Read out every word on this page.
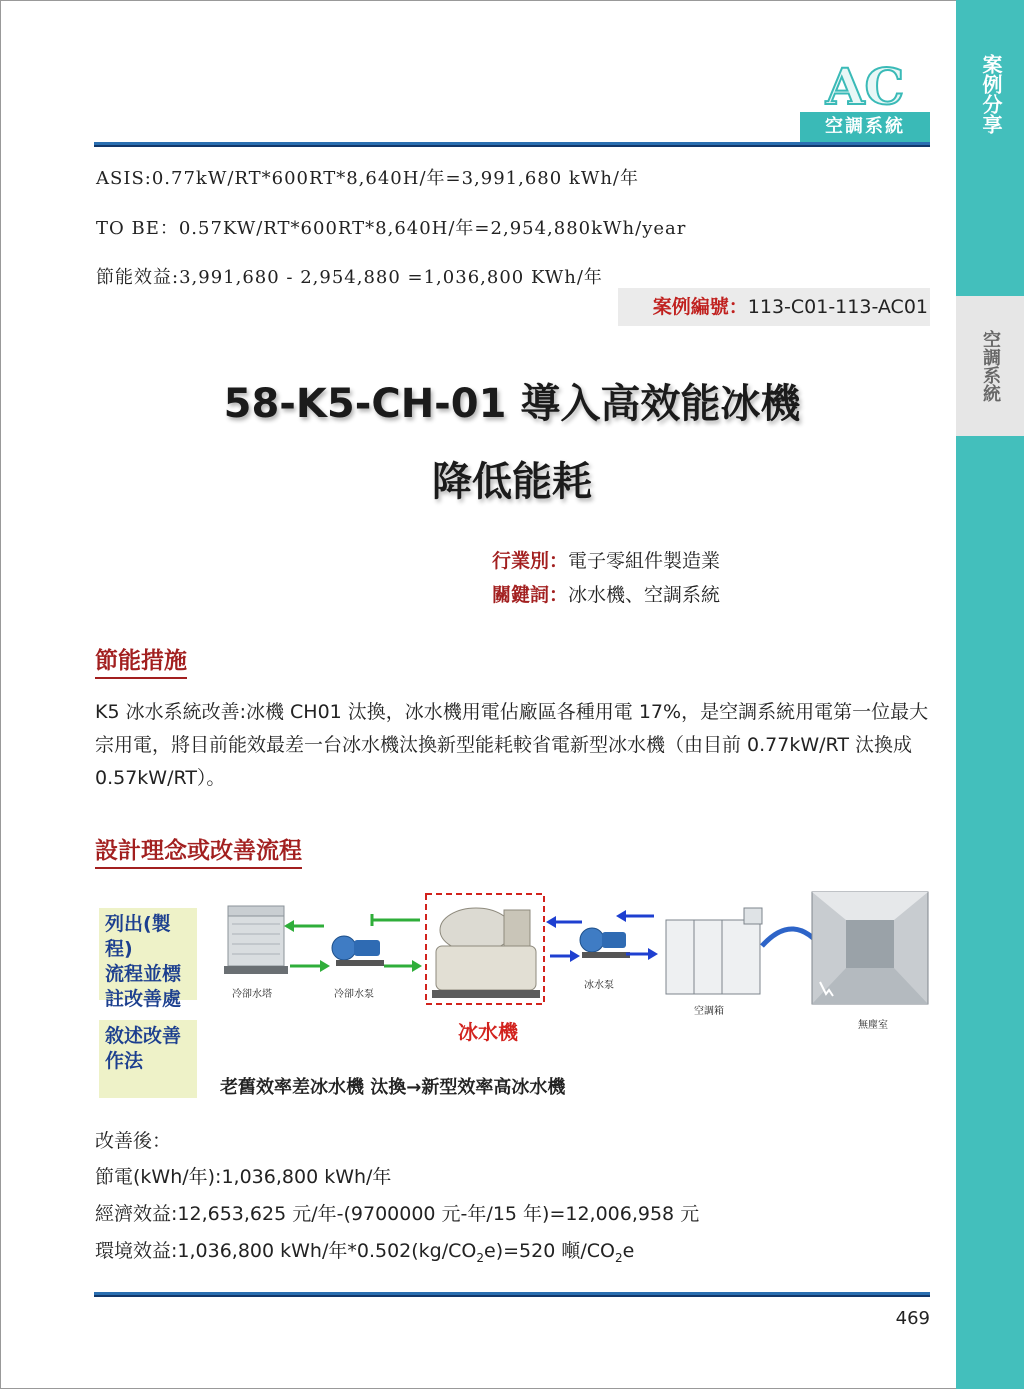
案例分享
空調系統
AC
空調系統
ASIS:0.77kW/RT*600RT*8,640H/年=3,991,680 kWh/年
TO BE：0.57KW/RT*600RT*8,640H/年=2,954,880kWh/year
節能效益:3,991,680 - 2,954,880 =1,036,800 KWh/年
案例編號：113-C01-113-AC01
58-K5-CH-01 導入高效能冰機
降低能耗
行業別：電子零組件製造業
關鍵詞：冰水機、空調系統
節能措施
K5 冰水系統改善:冰機 CH01 汰換，冰水機用電佔廠區各種用電 17%，是空調系統用電第一位最大宗用電，將目前能效最差一台冰水機汰換新型能耗較省電新型冰水機（由目前 0.77kW/RT 汰換成 0.57kW/RT）。
設計理念或改善流程
列出(製程)
流程並標
註改善處
敘述改善
作法
冷卻水塔	冷卻水泵
冰水泵
空調箱
無塵室
冰水機
老舊效率差冰水機 汰換→新型效率高冰水機
改善後：
節電(kWh/年):1,036,800 kWh/年
經濟效益:12,653,625 元/年-(9700000 元-年/15 年)=12,006,958 元
環境效益:1,036,800 kWh/年$*0.502(kg/CO_2e)=520$ 噸$/CO_2e$
469
